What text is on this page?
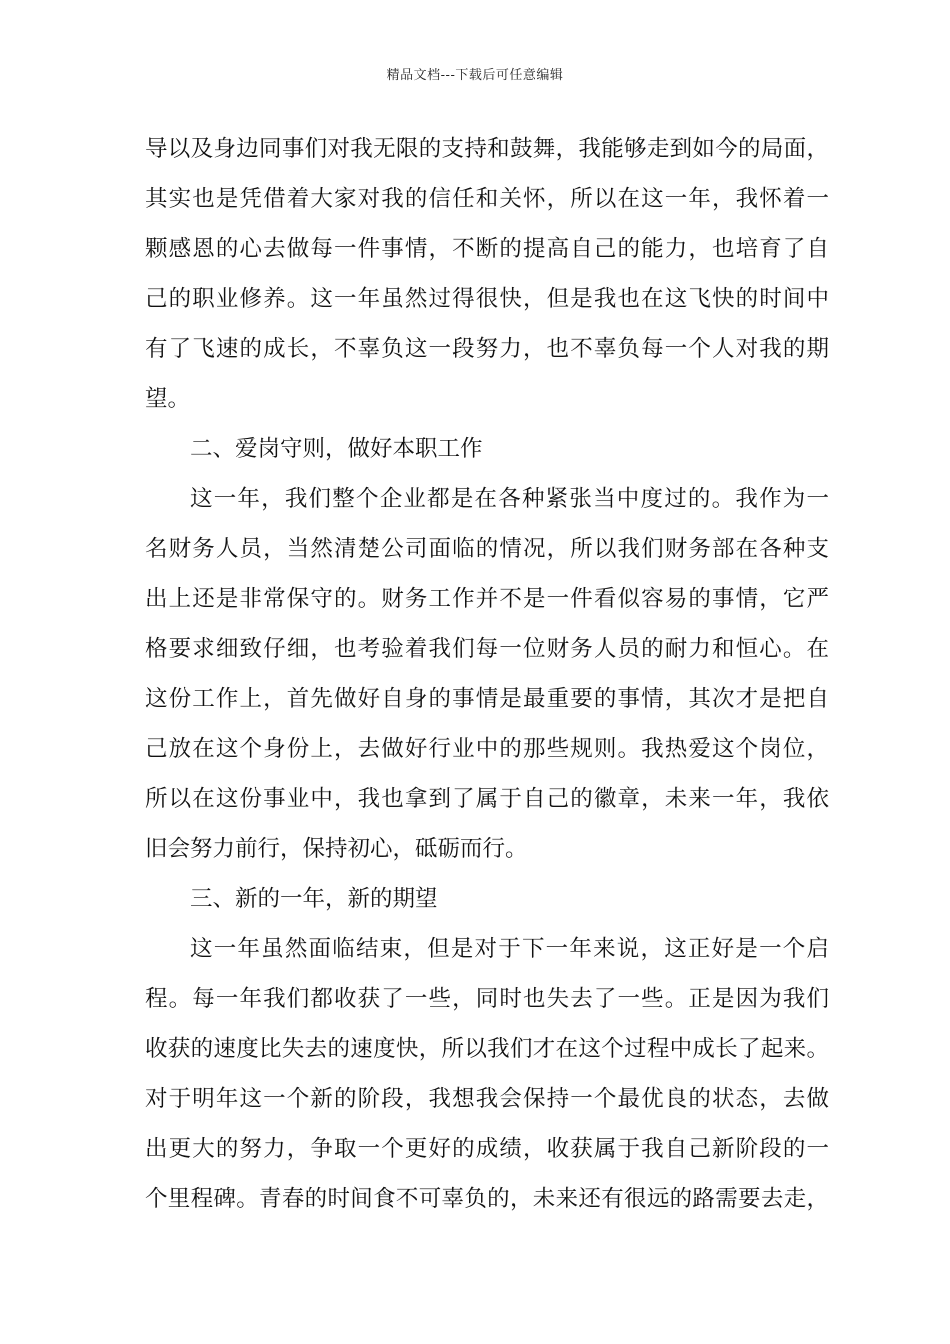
精品文档---下载后可任意编辑
导以及身边同事们对我无限的支持和鼓舞，我能够走到如今的局面，
其实也是凭借着大家对我的信任和关怀，所以在这一年，我怀着一
颗感恩的心去做每一件事情，不断的提高自己的能力，也培育了自
己的职业修养。这一年虽然过得很快，但是我也在这飞快的时间中
有了飞速的成长，不辜负这一段努力，也不辜负每一个人对我的期
望。
二、爱岗守则，做好本职工作
这一年，我们整个企业都是在各种紧张当中度过的。我作为一
名财务人员，当然清楚公司面临的情况，所以我们财务部在各种支
出上还是非常保守的。财务工作并不是一件看似容易的事情，它严
格要求细致仔细，也考验着我们每一位财务人员的耐力和恒心。在
这份工作上，首先做好自身的事情是最重要的事情，其次才是把自
己放在这个身份上，去做好行业中的那些规则。我热爱这个岗位，
所以在这份事业中，我也拿到了属于自己的徽章，未来一年，我依
旧会努力前行，保持初心，砥砺而行。
三、新的一年，新的期望
这一年虽然面临结束，但是对于下一年来说，这正好是一个启
程。每一年我们都收获了一些，同时也失去了一些。正是因为我们
收获的速度比失去的速度快，所以我们才在这个过程中成长了起来。
对于明年这一个新的阶段，我想我会保持一个最优良的状态，去做
出更大的努力，争取一个更好的成绩，收获属于我自己新阶段的一
个里程碑。青春的时间食不可辜负的，未来还有很远的路需要去走，
